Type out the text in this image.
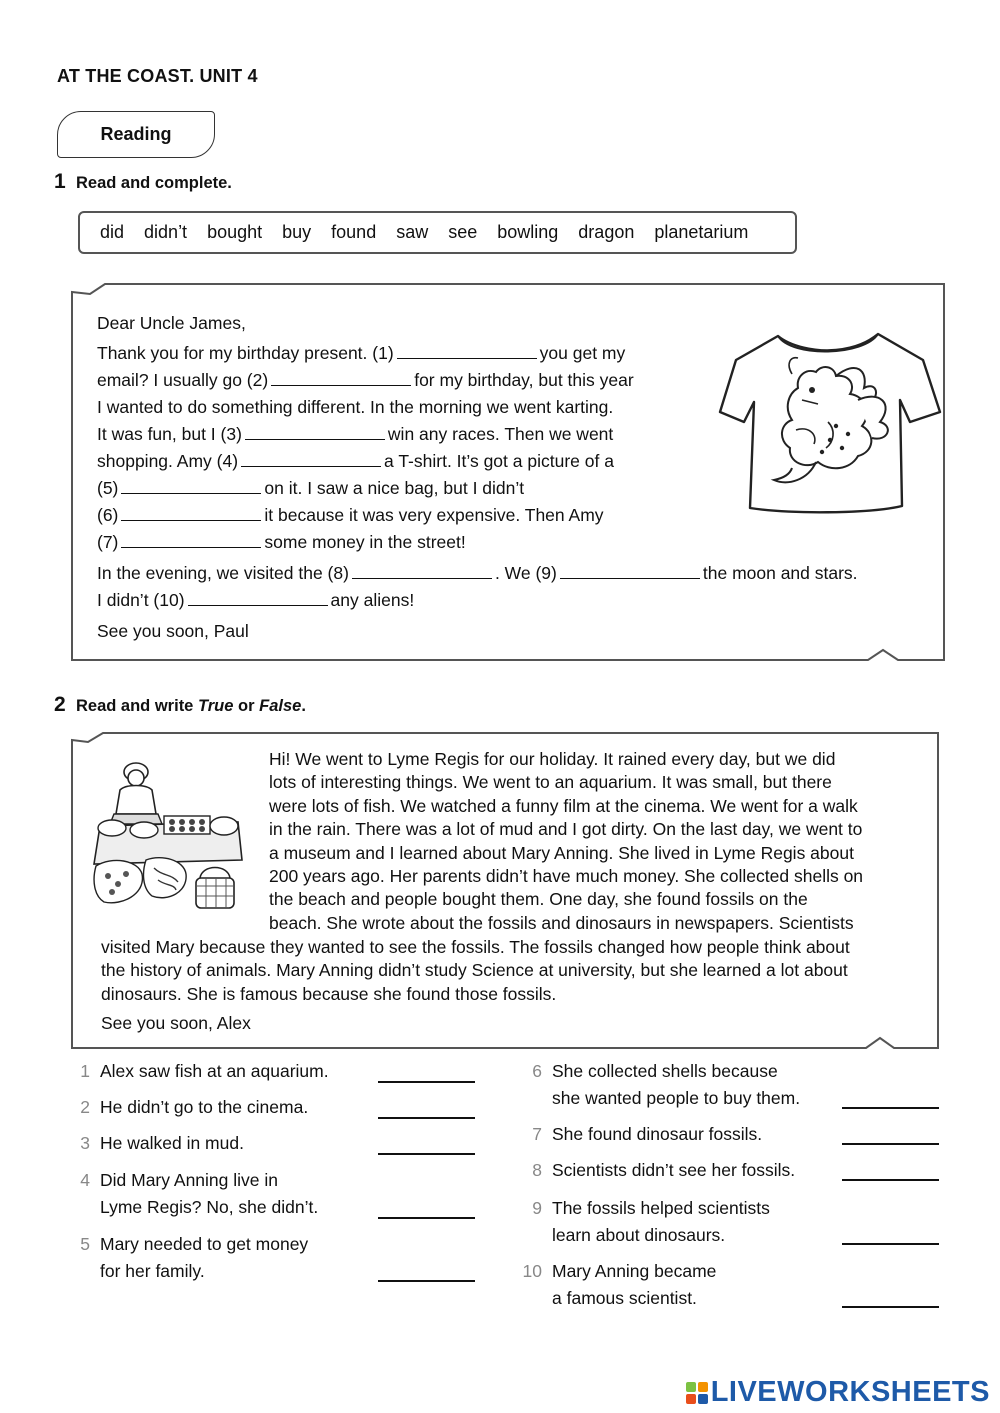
AT THE COAST. UNIT 4
Reading
1 Read and complete.
did didn’t bought buy found saw see bowling dragon planetarium
Dear Uncle James,
Thank you for my birthday present. (1)	you get my
email? I usually go (2)	for my birthday, but this year
I wanted to do something different. In the morning we went karting.
It was fun, but I (3)	win any races. Then we went
shopping. Amy (4)	a T-shirt. It’s got a picture of a
(5)	on it. I saw a nice bag, but I didn’t
(6)	it because it was very expensive. Then Amy
(7)	some money in the street!
In the evening, we visited the (8)	. We (9)	the moon and stars.
I didn’t (10)	any aliens!
See you soon, Paul
2 Read and write True or False.
Hi! We went to Lyme Regis for our holiday. It rained every day, but we did
lots of interesting things. We went to an aquarium. It was small, but there
were lots of fish. We watched a funny film at the cinema. We went for a walk
in the rain. There was a lot of mud and I got dirty. On the last day, we went to
a museum and I learned about Mary Anning. She lived in Lyme Regis about
200 years ago. Her parents didn’t have much money. She collected shells on
the beach and people bought them. One day, she found fossils on the
beach. She wrote about the fossils and dinosaurs in newspapers. Scientists
visited Mary because they wanted to see the fossils. The fossils changed how people think about
the history of animals. Mary Anning didn’t study Science at university, but she learned a lot about
dinosaurs. She is famous because she found those fossils.
See you soon, Alex
1 Alex saw fish at an aquarium.
2 He didn’t go to the cinema.
3 He walked in mud.
4 Did Mary Anning live in
Lyme Regis? No, she didn’t.
5 Mary needed to get money
for her family.
6 She collected shells because
she wanted people to buy them.
7 She found dinosaur fossils.
8 Scientists didn’t see her fossils.
9 The fossils helped scientists
learn about dinosaurs.
10 Mary Anning became
a famous scientist.
LIVEWORKSHEETS
